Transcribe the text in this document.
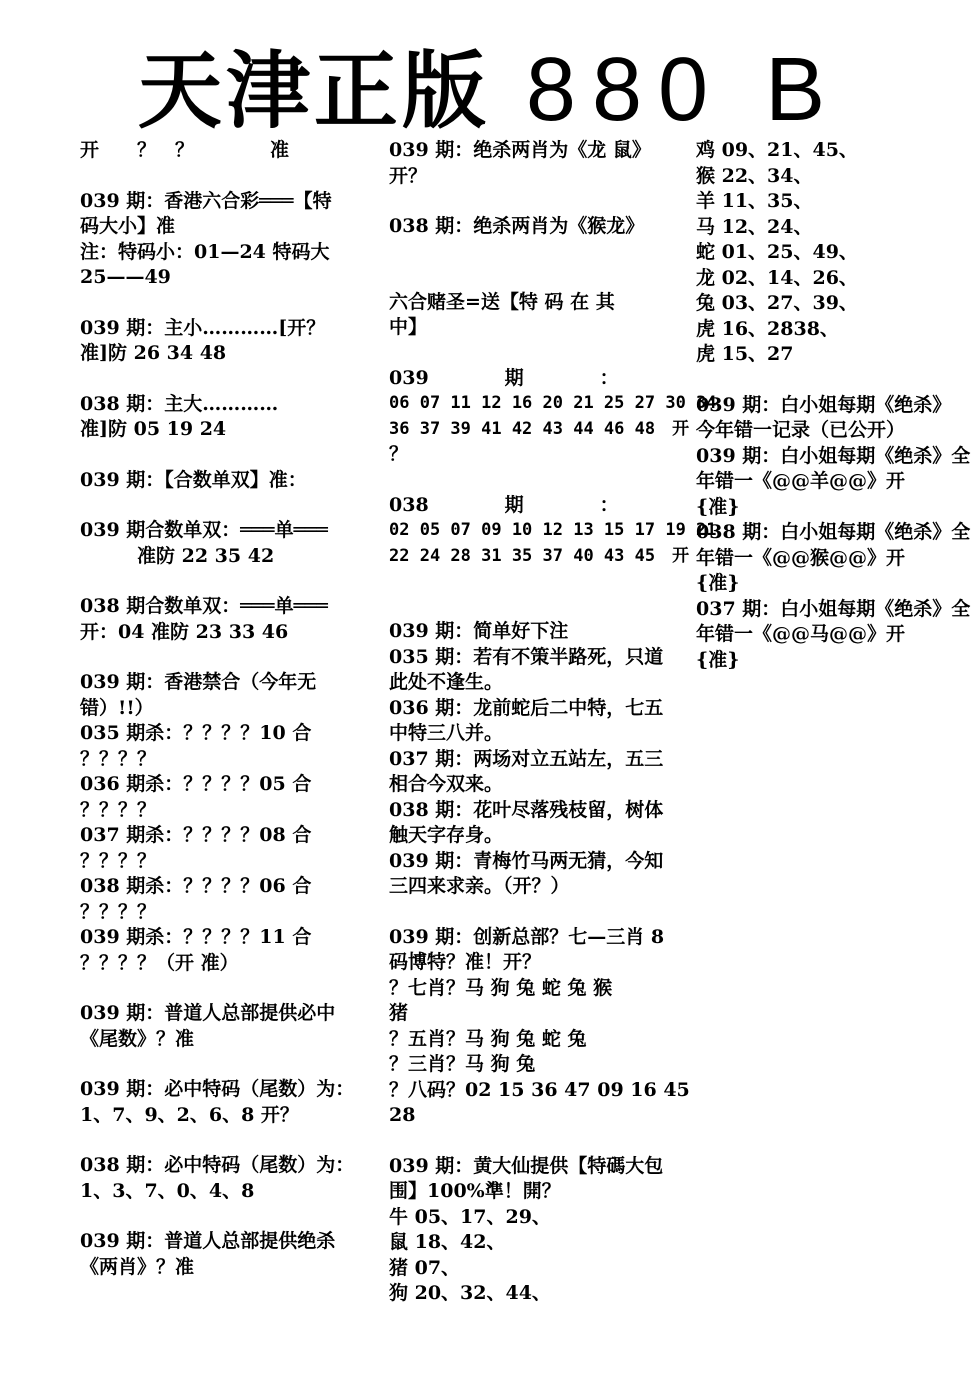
天津正版 880 B
开　　？　？　　　　准
039 期：香港六合彩═══【特
码大小】准
注：特码小：01—24 特码大
25——49
039 期：主小…………[开？
准]防 26 34 48
038 期：主大…………
准]防 05 19 24
039 期：【合数单双】准：
039 期合数单双：═══单═══
　　　准防 22 35 42
038 期合数单双：═══单═══
开：04 准防 23 33 46
039 期：香港禁合（今年无
错）!!）
035 期杀：？？？？10 合
？？？？
036 期杀：？？？？05 合
？？？？
037 期杀：？？？？08 合
？？？？
038 期杀：？？？？06 合
？？？？
039 期杀：？？？？11 合
？？？？（开 准）
039 期：普道人总部提供必中
《尾数》？准
039 期：必中特码（尾数）为：
1、7、9、2、6、8 开？
038 期：必中特码（尾数）为：
1、3、7、0、4、8
039 期：普道人总部提供绝杀
《两肖》？准
039 期：绝杀两肖为《龙 鼠》
开？
038 期：绝杀两肖为《猴龙》
六合赌圣=送【特 码 在 其
中】
039　　　　期　　　　：
06 07 11 12 16 20 21 25 27 30 34
36 37 39 41 42 43 44 46 48　开
？
038　　　　期　　　　：
02 05 07 09 10 12 13 15 17 19 21
22 24 28 31 35 37 40 43 45　开
039 期：简单好下注
035 期：若有不策半路死，只道
此处不逢生。
036 期：龙前蛇后二中特，七五
中特三八并。
037 期：两场对立五站左，五三
相合今双来。
038 期：花叶尽落残枝留，树体
触天字存身。
039 期：青梅竹马两无猜，今知
三四来求亲。（开？）
039 期：创新总部？七—三肖 8
码博特？准！开？
？七肖？马 狗 兔 蛇 兔 猴
猪
？五肖？马 狗 兔 蛇 兔
？三肖？马 狗 兔
？八码？02 15 36 47 09 16 45
28
039 期：黄大仙提供【特碼大包
围】100%準！開？
牛 05、17、29、
鼠 18、42、
猪 07、
狗 20、32、44、
鸡 09、21、45、
猴 22、34、
羊 11、35、
马 12、24、
蛇 01、25、49、
龙 02、14、26、
兔 03、27、39、
虎 16、2838、
虎 15、27
039 期：白小姐每期《绝杀》
今年错一记录（已公开）
039 期：白小姐每期《绝杀》全
年错一《@@羊@@》开
{准}
038 期：白小姐每期《绝杀》全
年错一《@@猴@@》开
{准}
037 期：白小姐每期《绝杀》全
年错一《@@马@@》开
{准}
